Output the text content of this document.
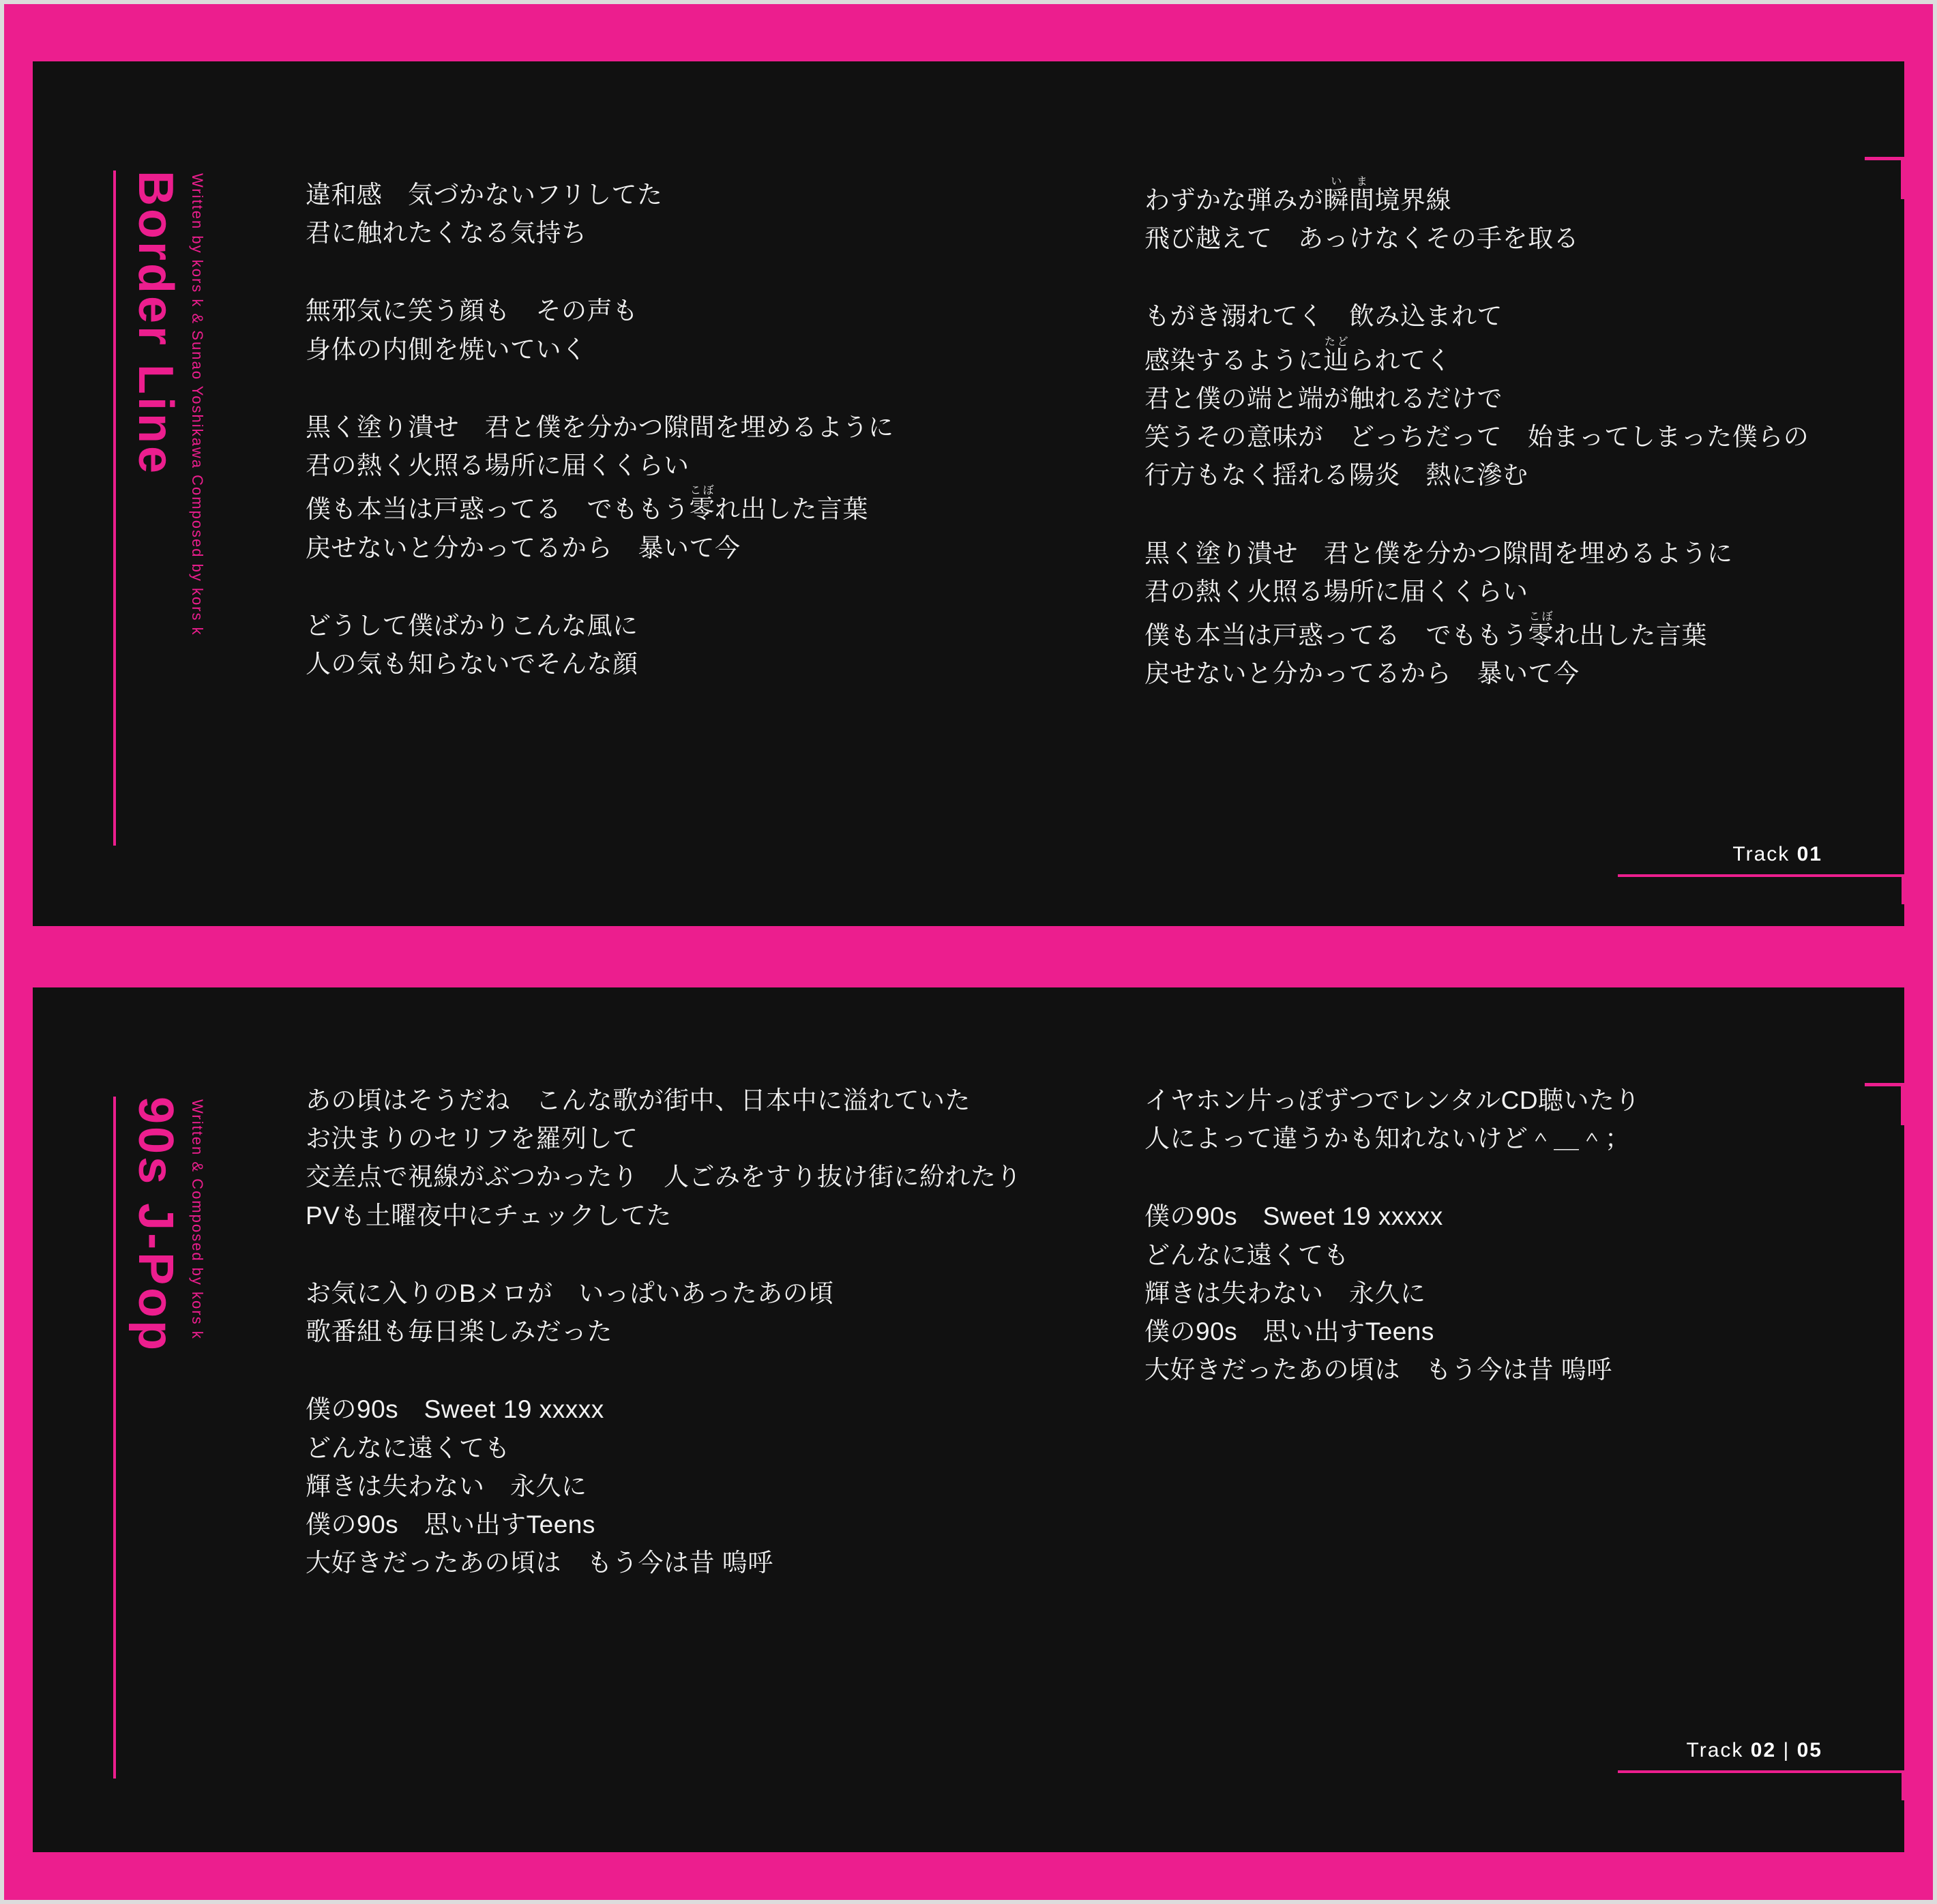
Border Line Written by kors k & Sunao Yoshikawa Composed by kors k	違和感　気づかないフリしてた
君に触れたくなる気持ち
無邪気に笑う顔も　その声も
身体の内側を焼いていく
黒く塗り潰せ　君と僕を分かつ隙間を埋めるように
君の熱く火照る場所に届くくらい
僕も本当は戸惑ってる　でももう零こぼれ出した言葉
戻せないと分かってるから　暴いて今
どうして僕ばかりこんな風に
人の気も知らないでそんな顔
わずかな弾みが瞬間いま境界線
飛び越えて　あっけなくその手を取る
もがき溺れてく　飲み込まれて
感染するように辿たどられてく
君と僕の端と端が触れるだけで
笑うその意味が　どっちだって　始まってしまった僕らの
行方もなく揺れる陽炎　熱に滲む
黒く塗り潰せ　君と僕を分かつ隙間を埋めるように
君の熱く火照る場所に届くくらい
僕も本当は戸惑ってる　でももう零こぼれ出した言葉
戻せないと分かってるから　暴いて今
Track 01
90s J-Pop Written & Composed by kors k	あの頃はそうだね　こんな歌が街中、日本中に溢れていた
お決まりのセリフを羅列して
交差点で視線がぶつかったり　人ごみをすり抜け街に紛れたり
PVも土曜夜中にチェックしてた
お気に入りのBメロが　いっぱいあったあの頃
歌番組も毎日楽しみだった
僕の90s　Sweet 19 xxxxx
どんなに遠くても
輝きは失わない　永久に
僕の90s　思い出すTeens
大好きだったあの頃は　もう今は昔 嗚呼
イヤホン片っぽずつでレンタルCD聴いたり
人によって違うかも知れないけど＾＿＾；
僕の90s　Sweet 19 xxxxx
どんなに遠くても
輝きは失わない　永久に
僕の90s　思い出すTeens
大好きだったあの頃は　もう今は昔 嗚呼
Track 02 | 05
